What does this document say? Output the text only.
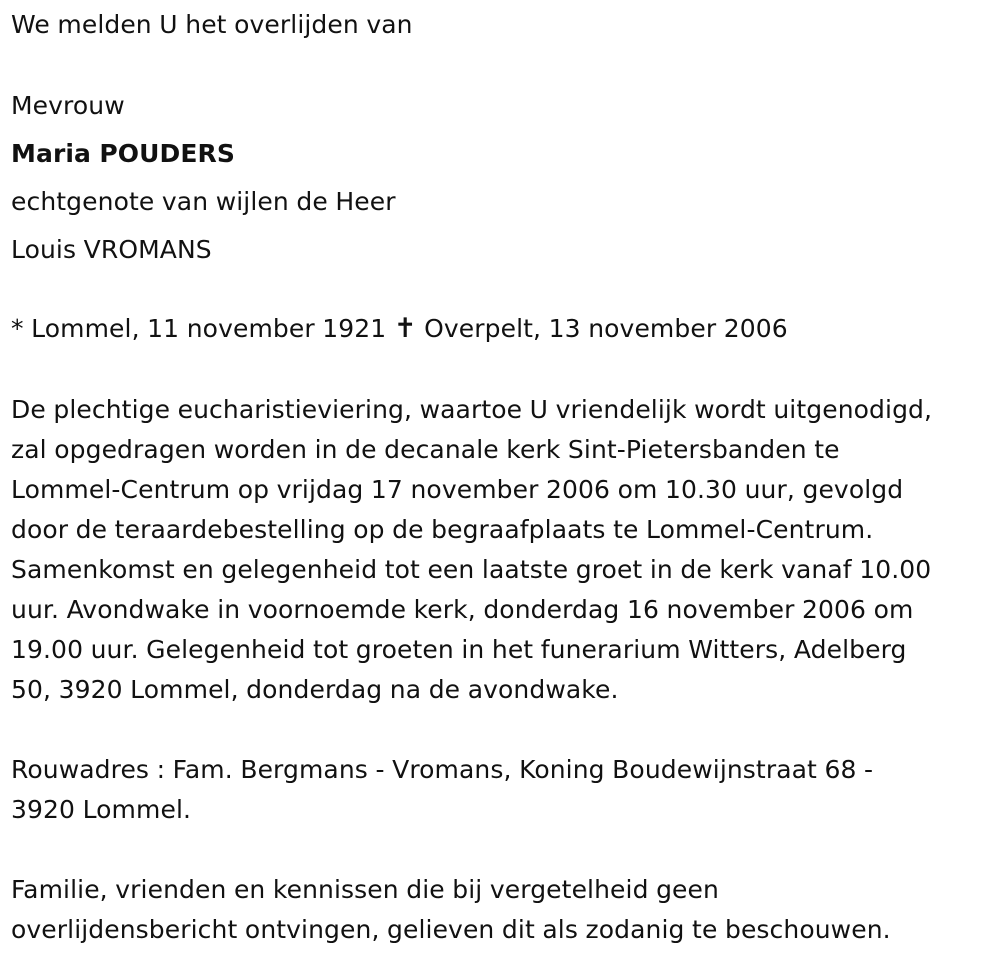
We melden U het overlijden van
Mevrouw
Maria POUDERS
echtgenote van wijlen de Heer
Louis VROMANS
* Lommel, 11 november 1921 ✝ Overpelt, 13 november 2006
De plechtige eucharistieviering, waartoe U vriendelijk wordt uitgenodigd,
zal opgedragen worden in de decanale kerk Sint-Pietersbanden te
Lommel-Centrum op vrijdag 17 november 2006 om 10.30 uur, gevolgd
door de teraardebestelling op de begraafplaats te Lommel-Centrum.
Samenkomst en gelegenheid tot een laatste groet in de kerk vanaf 10.00
uur. Avondwake in voornoemde kerk, donderdag 16 november 2006 om
19.00 uur. Gelegenheid tot groeten in het funerarium Witters, Adelberg
50, 3920 Lommel, donderdag na de avondwake.
Rouwadres : Fam. Bergmans - Vromans, Koning Boudewijnstraat 68 -
3920 Lommel.
Familie, vrienden en kennissen die bij vergetelheid geen
overlijdensbericht ontvingen, gelieven dit als zodanig te beschouwen.
